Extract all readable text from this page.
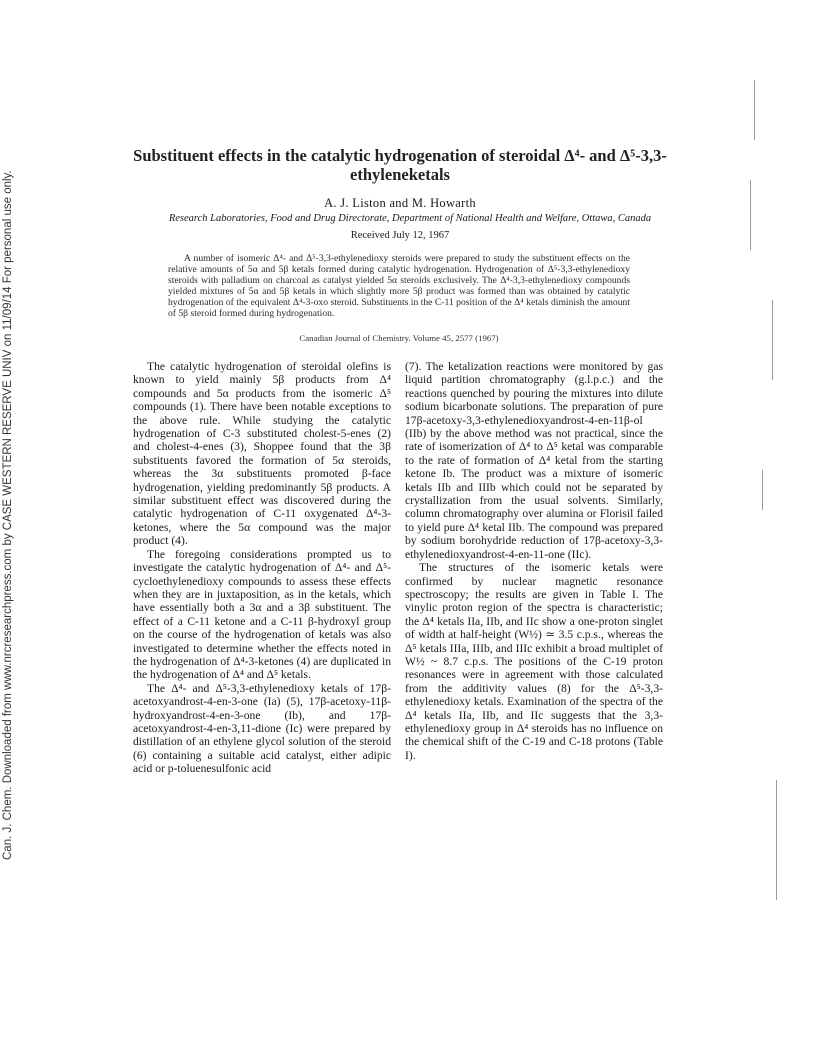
Can. J. Chem. Downloaded from www.nrcresearchpress.com by CASE WESTERN RESERVE UNIV on 11/09/14 For personal use only.
Substituent effects in the catalytic hydrogenation of steroidal Δ⁴- and Δ⁵-3,3-ethyleneketals
A. J. Liston and M. Howarth
Research Laboratories, Food and Drug Directorate, Department of National Health and Welfare, Ottawa, Canada
Received July 12, 1967

A number of isomeric Δ⁴- and Δ⁵-3,3-ethylenedioxy steroids were prepared to study the substituent effects on the relative amounts of 5α and 5β ketals formed during catalytic hydrogenation. Hydrogenation of Δ⁵-3,3-ethylenedioxy steroids with palladium on charcoal as catalyst yielded 5α steroids exclusively. The Δ⁴-3,3-ethylenedioxy compounds yielded mixtures of 5α and 5β ketals in which slightly more 5β product was formed than was obtained by catalytic hydrogenation of the equivalent Δ⁴-3-oxo steroid. Substituents in the C-11 position of the Δ⁴ ketals diminish the amount of 5β steroid formed during hydrogenation.

Canadian Journal of Chemistry. Volume 45, 2577 (1967)

The catalytic hydrogenation of steroidal olefins is known to yield mainly 5β products from Δ⁴ compounds and 5α products from the isomeric Δ⁵ compounds (1). There have been notable exceptions to the above rule. While studying the catalytic hydrogenation of C-3 substituted cholest-5-enes (2) and cholest-4-enes (3), Shoppee found that the 3β substituents favored the formation of 5α steroids, whereas the 3α substituents promoted β-face hydrogenation, yielding predominantly 5β products. A similar substituent effect was discovered during the catalytic hydrogenation of C-11 oxygenated Δ⁴-3-ketones, where the 5α compound was the major product (4).

The foregoing considerations prompted us to investigate the catalytic hydrogenation of Δ⁴- and Δ⁵-cycloethylenedioxy compounds to assess these effects when they are in juxtaposition, as in the ketals, which have essentially both a 3α and a 3β substituent. The effect of a C-11 ketone and a C-11 β-hydroxyl group on the course of the hydrogenation of ketals was also investigated to determine whether the effects noted in the hydrogenation of Δ⁴-3-ketones (4) are duplicated in the hydrogenation of Δ⁴ and Δ⁵ ketals.

The Δ⁴- and Δ⁵-3,3-ethylenedioxy ketals of 17β-acetoxyandrost-4-en-3-one (Ia) (5), 17β-acetoxy-11β-hydroxyandrost-4-en-3-one (Ib), and 17β-acetoxyandrost-4-en-3,11-dione (Ic) were prepared by distillation of an ethylene glycol solution of the steroid (6) containing a suitable acid catalyst, either adipic acid or p-toluenesulfonic acid

(7). The ketalization reactions were monitored by gas liquid partition chromatography (g.l.p.c.) and the reactions quenched by pouring the mixtures into dilute sodium bicarbonate solutions. The preparation of pure 17β-acetoxy-3,3-ethylenedioxyandrost-4-en-11β-ol (IIb) by the above method was not practical, since the rate of isomerization of Δ⁴ to Δ⁵ ketal was comparable to the rate of formation of Δ⁴ ketal from the starting ketone Ib. The product was a mixture of isomeric ketals IIb and IIIb which could not be separated by crystallization from the usual solvents. Similarly, column chromatography over alumina or Florisil failed to yield pure Δ⁴ ketal IIb. The compound was prepared by sodium borohydride reduction of 17β-acetoxy-3,3-ethylenedioxyandrost-4-en-11-one (IIc).

The structures of the isomeric ketals were confirmed by nuclear magnetic resonance spectroscopy; the results are given in Table I. The vinylic proton region of the spectra is characteristic; the Δ⁴ ketals IIa, IIb, and IIc show a one-proton singlet of width at half-height (W½) ≃ 3.5 c.p.s., whereas the Δ⁵ ketals IIIa, IIIb, and IIIc exhibit a broad multiplet of W½ ~ 8.7 c.p.s. The positions of the C-19 proton resonances were in agreement with those calculated from the additivity values (8) for the Δ⁵-3,3-ethylenedioxy ketals. Examination of the spectra of the Δ⁴ ketals IIa, IIb, and IIc suggests that the 3,3-ethylenedioxy group in Δ⁴ steroids has no influence on the chemical shift of the C-19 and C-18 protons (Table I).
